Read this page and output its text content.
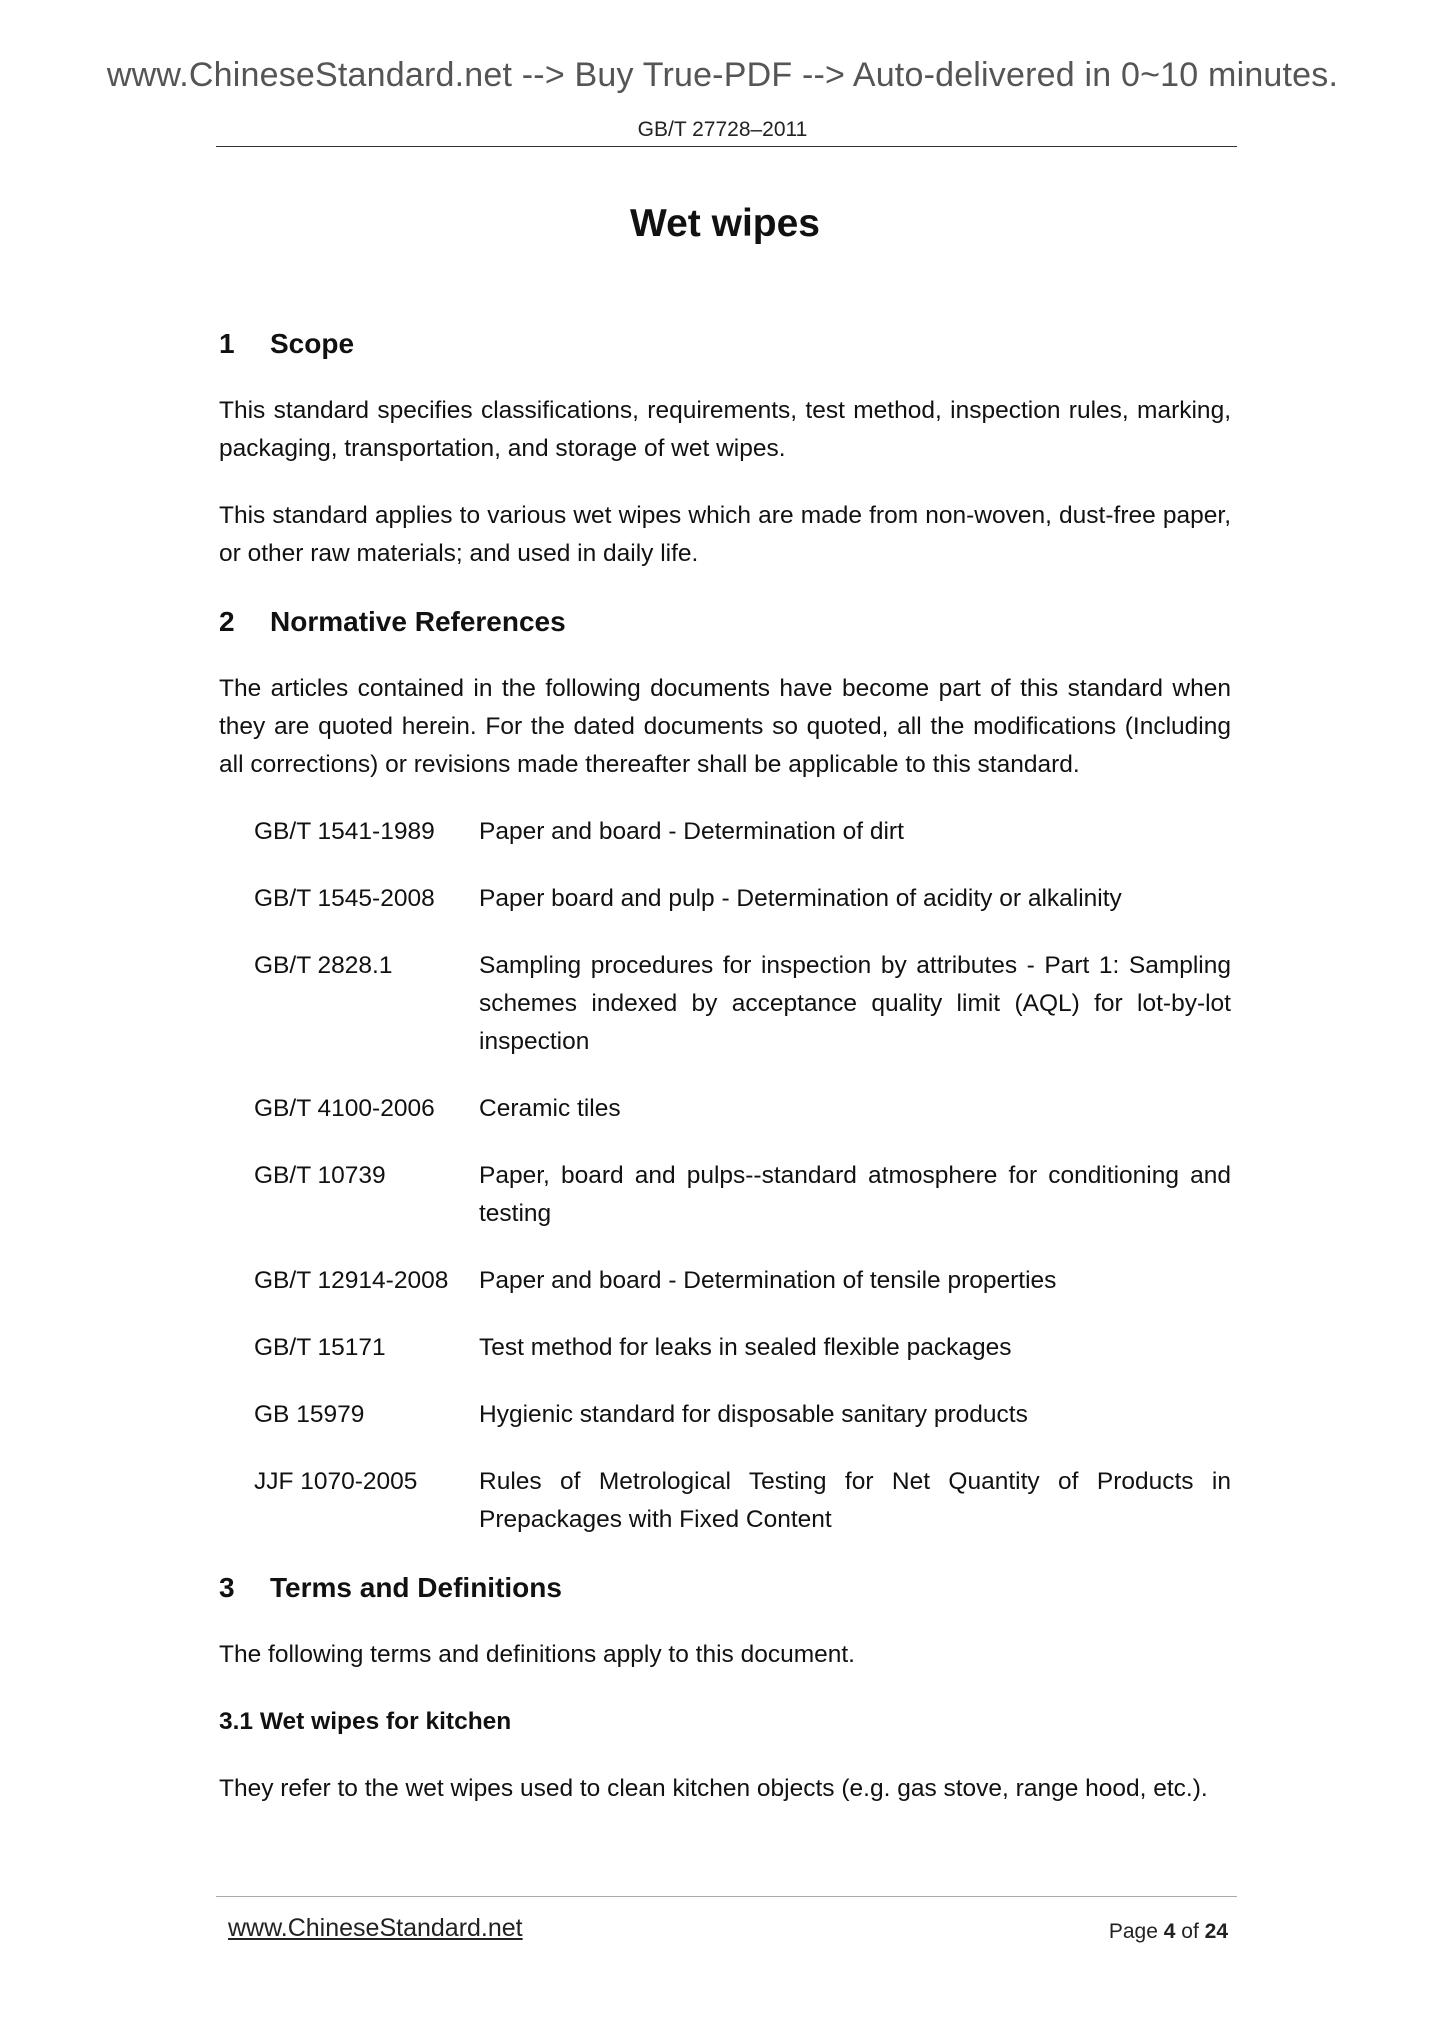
www.ChineseStandard.net --> Buy True-PDF --> Auto-delivered in 0~10 minutes.
GB/T 27728–2011
Wet wipes
1	Scope

This standard specifies classifications, requirements, test method, inspection rules, marking, packaging, transportation, and storage of wet wipes.

This standard applies to various wet wipes which are made from non-woven, dust-free paper, or other raw materials; and used in daily life.

2	Normative References

The articles contained in the following documents have become part of this standard when they are quoted herein. For the dated documents so quoted, all the modifications (Including all corrections) or revisions made thereafter shall be applicable to this standard.

GB/T 1541-1989	Paper and board - Determination of dirt
GB/T 1545-2008	Paper board and pulp - Determination of acidity or alkalinity
GB/T 2828.1	Sampling procedures for inspection by attributes - Part 1: Sampling schemes indexed by acceptance quality limit (AQL) for lot-by-lot inspection
GB/T 4100-2006	Ceramic tiles
GB/T 10739	Paper, board and pulps--standard atmosphere for conditioning and testing
GB/T 12914-2008	Paper and board - Determination of tensile properties
GB/T 15171	Test method for leaks in sealed flexible packages
GB 15979	Hygienic standard for disposable sanitary products
JJF 1070-2005	Rules of Metrological Testing for Net Quantity of Products in Prepackages with Fixed Content
3	Terms and Definitions

The following terms and definitions apply to this document.

3.1 Wet wipes for kitchen

They refer to the wet wipes used to clean kitchen objects (e.g. gas stove, range hood, etc.).

www.ChineseStandard.net	Page 4 of 24
